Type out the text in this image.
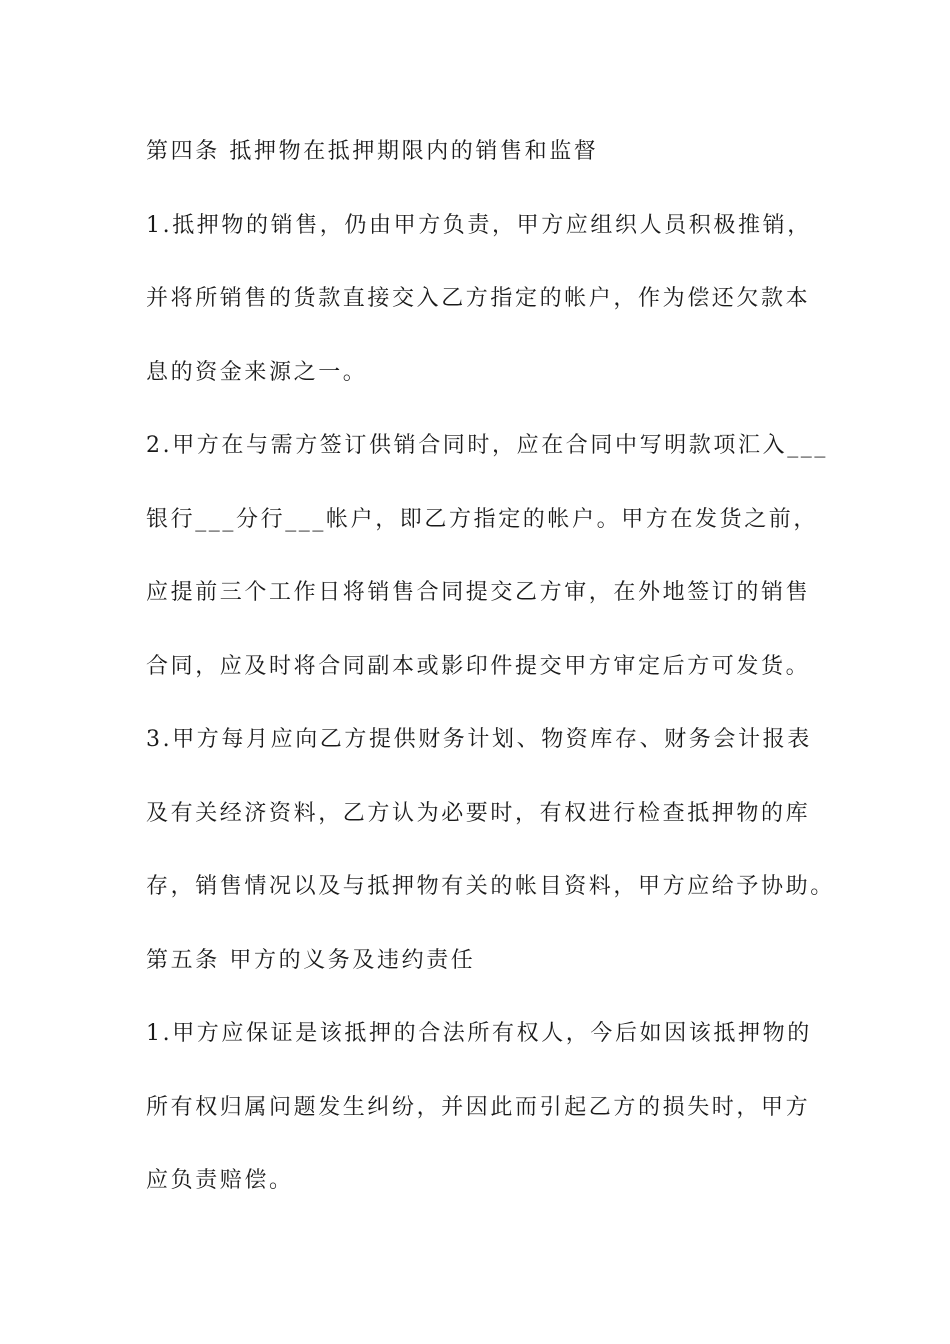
第四条 抵押物在抵押期限内的销售和监督
1.抵押物的销售，仍由甲方负责，甲方应组织人员积极推销，
并将所销售的货款直接交入乙方指定的帐户，作为偿还欠款本
息的资金来源之一。
2.甲方在与需方签订供销合同时，应在合同中写明款项汇入___
银行___分行___帐户，即乙方指定的帐户。甲方在发货之前，
应提前三个工作日将销售合同提交乙方审，在外地签订的销售
合同，应及时将合同副本或影印件提交甲方审定后方可发货。
3.甲方每月应向乙方提供财务计划、物资库存、财务会计报表
及有关经济资料，乙方认为必要时，有权进行检查抵押物的库
存，销售情况以及与抵押物有关的帐目资料，甲方应给予协助。
第五条 甲方的义务及违约责任
1.甲方应保证是该抵押的合法所有权人，今后如因该抵押物的
所有权归属问题发生纠纷，并因此而引起乙方的损失时，甲方
应负责赔偿。
